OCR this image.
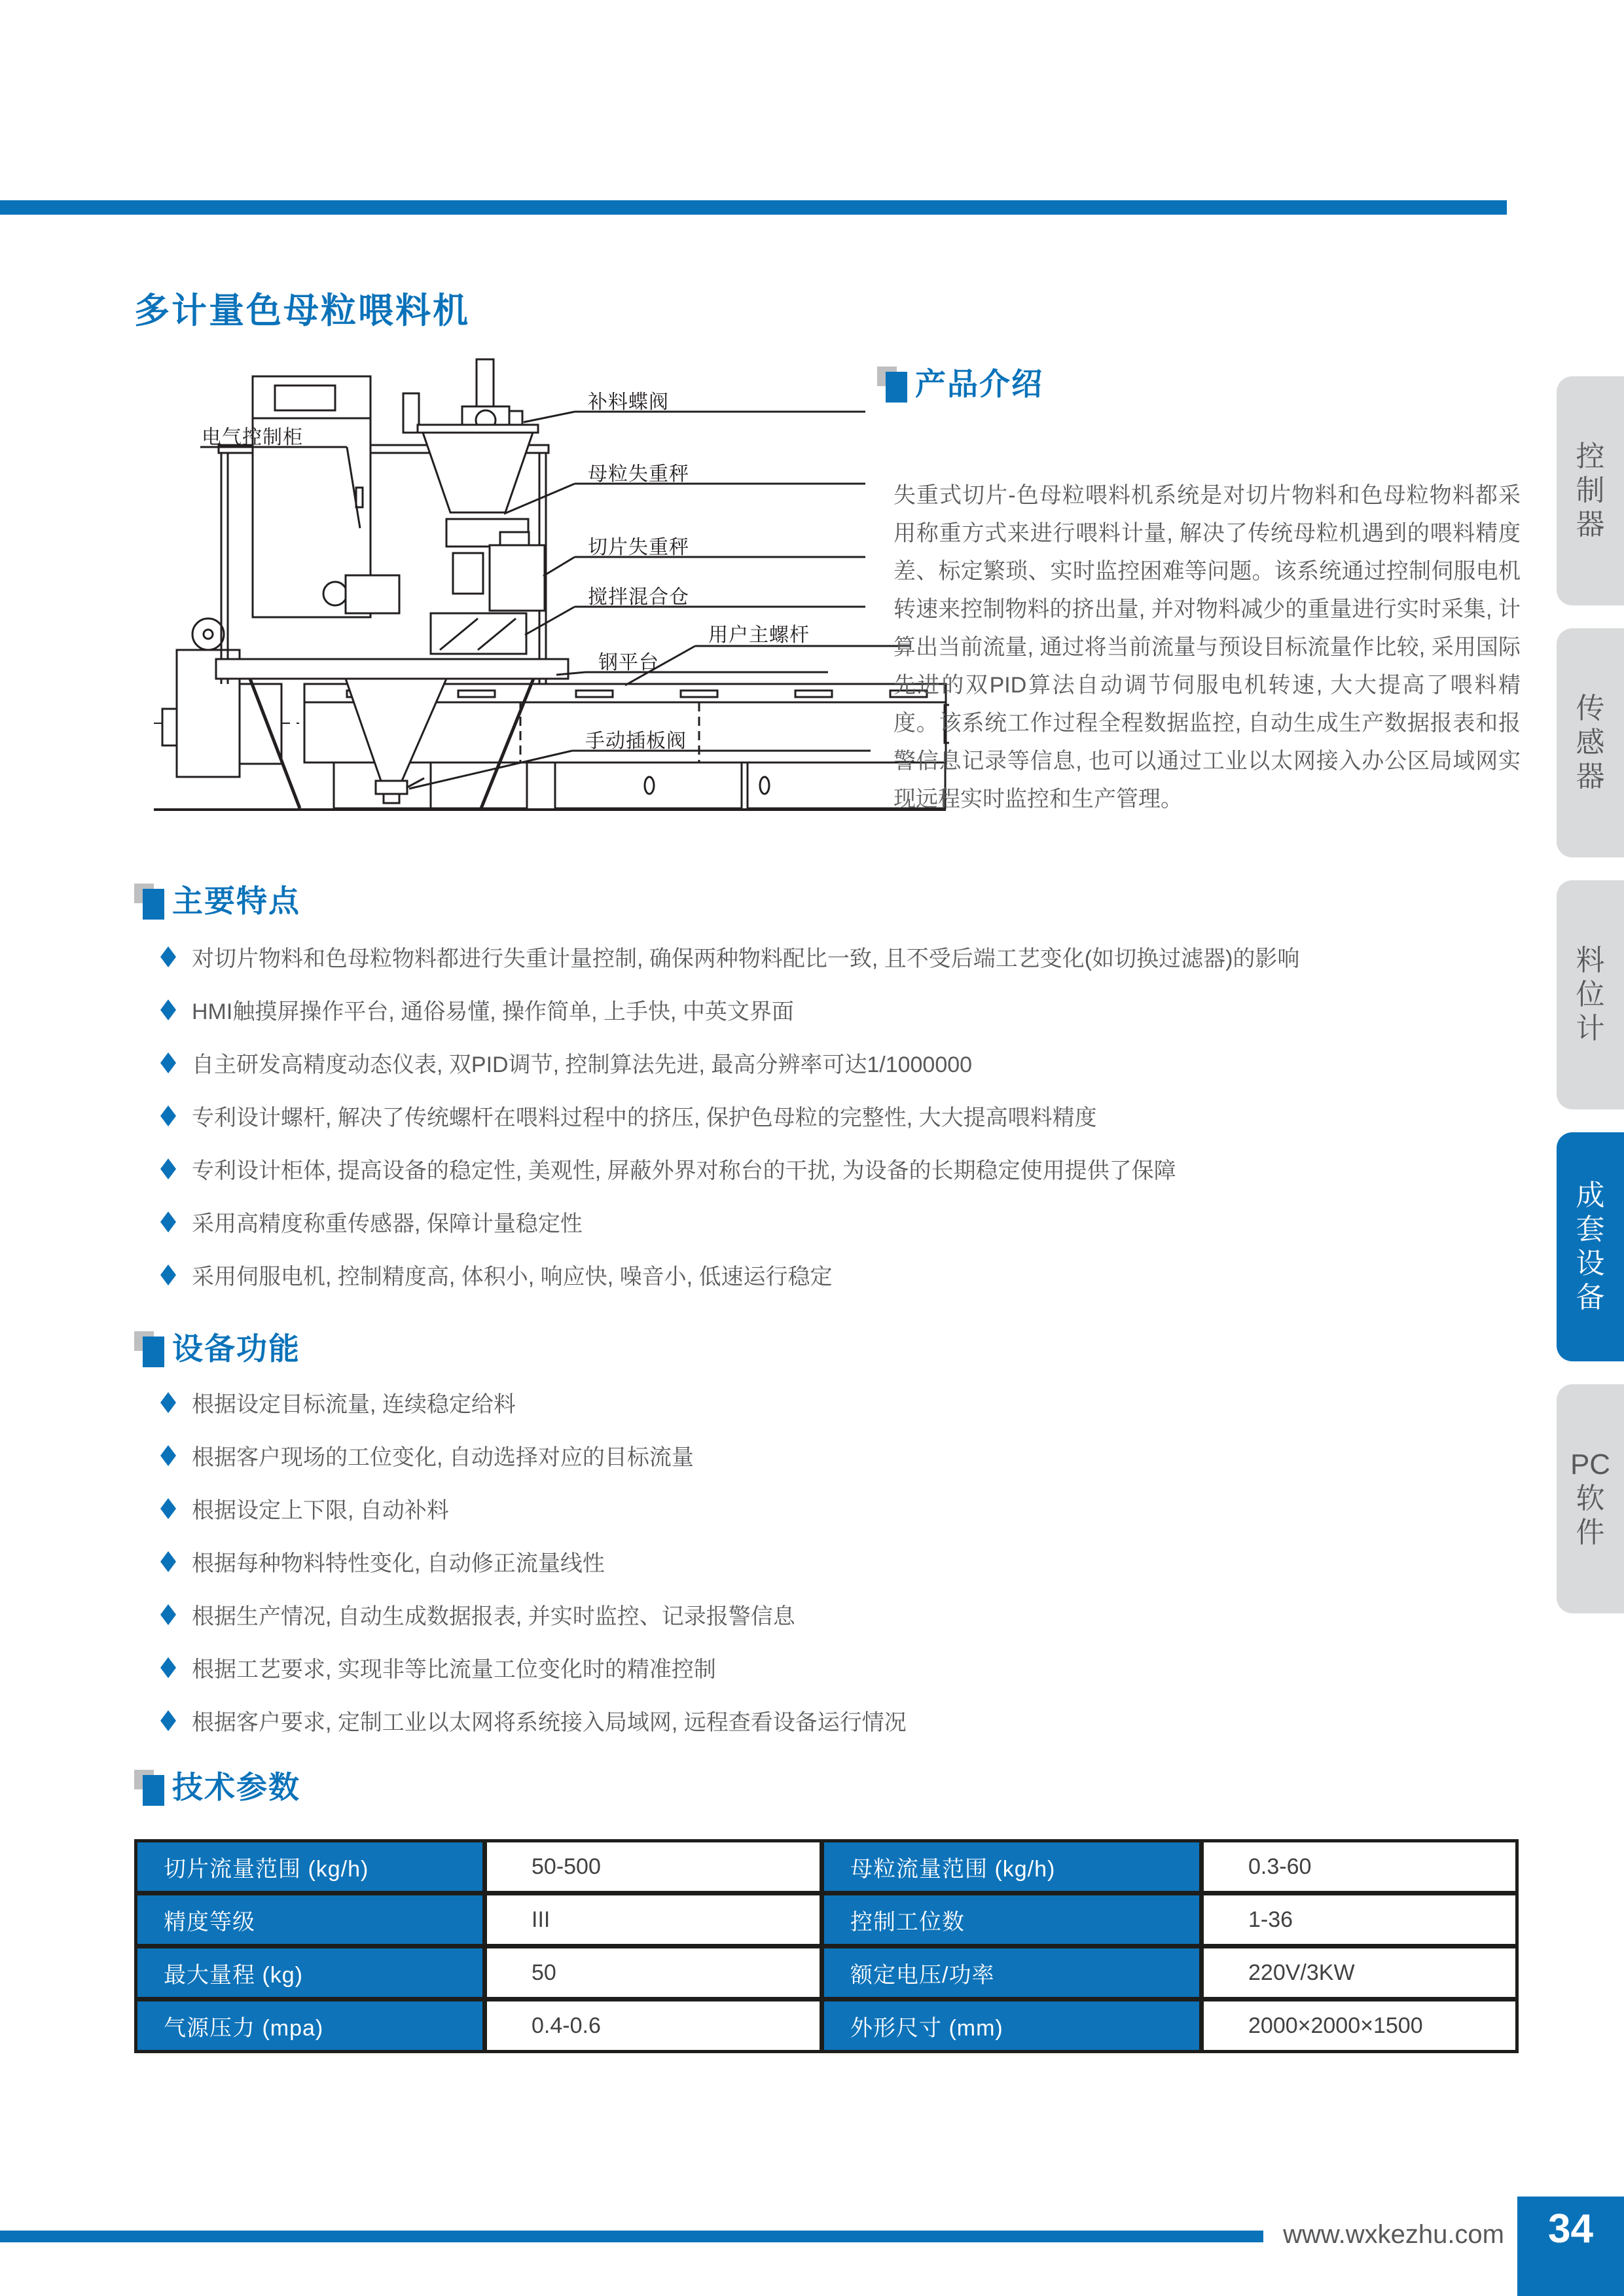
多计量色母粒喂料机
电气控制柜
补料蝶阀
母粒失重秤
切片失重秤
搅拌混合仓
钢平台
手动插板阀
用户主螺杆
产品介绍
失重式切片-色母粒喂料机系统是对切片物料和色母粒物料都采用称重方式来进行喂料计量, 解决了传统母粒机遇到的喂料精度差、标定繁琐、实时监控困难等问题。该系统通过控制伺服电机转速来控制物料的挤出量, 并对物料减少的重量进行实时采集, 计算出当前流量, 通过将当前流量与预设目标流量作比较, 采用国际先进的双PID算法自动调节伺服电机转速, 大大提高了喂料精度。该系统工作过程全程数据监控, 自动生成生产数据报表和报警信息记录等信息, 也可以通过工业以太网接入办公区局域网实现远程实时监控和生产管理。
主要特点
对切片物料和色母粒物料都进行失重计量控制, 确保两种物料配比一致, 且不受后端工艺变化(如切换过滤器)的影响
HMI触摸屏操作平台, 通俗易懂, 操作简单, 上手快, 中英文界面
自主研发高精度动态仪表, 双PID调节, 控制算法先进, 最高分辨率可达1/1000000
专利设计螺杆, 解决了传统螺杆在喂料过程中的挤压, 保护色母粒的完整性, 大大提高喂料精度
专利设计柜体, 提高设备的稳定性, 美观性, 屏蔽外界对称台的干扰, 为设备的长期稳定使用提供了保障
采用高精度称重传感器, 保障计量稳定性
采用伺服电机, 控制精度高, 体积小, 响应快, 噪音小, 低速运行稳定
设备功能
根据设定目标流量, 连续稳定给料
根据客户现场的工位变化, 自动选择对应的目标流量
根据设定上下限, 自动补料
根据每种物料特性变化, 自动修正流量线性
根据生产情况, 自动生成数据报表, 并实时监控、记录报警信息
根据工艺要求, 实现非等比流量工位变化时的精准控制
根据客户要求, 定制工业以太网将系统接入局域网, 远程查看设备运行情况
技术参数
切片流量范围 (kg/h)	50-500	母粒流量范围 (kg/h)	0.3-60
精度等级	III	控制工位数	1-36
最大量程 (kg)	50	额定电压/功率	220V/3KW
气源压力 (mpa)	0.4-0.6	外形尺寸 (mm)	2000×2000×1500
控
制
器
传
感
器
料
位
计
成
套
设
备
PC
软
件
www.wxkezhu.com	34
